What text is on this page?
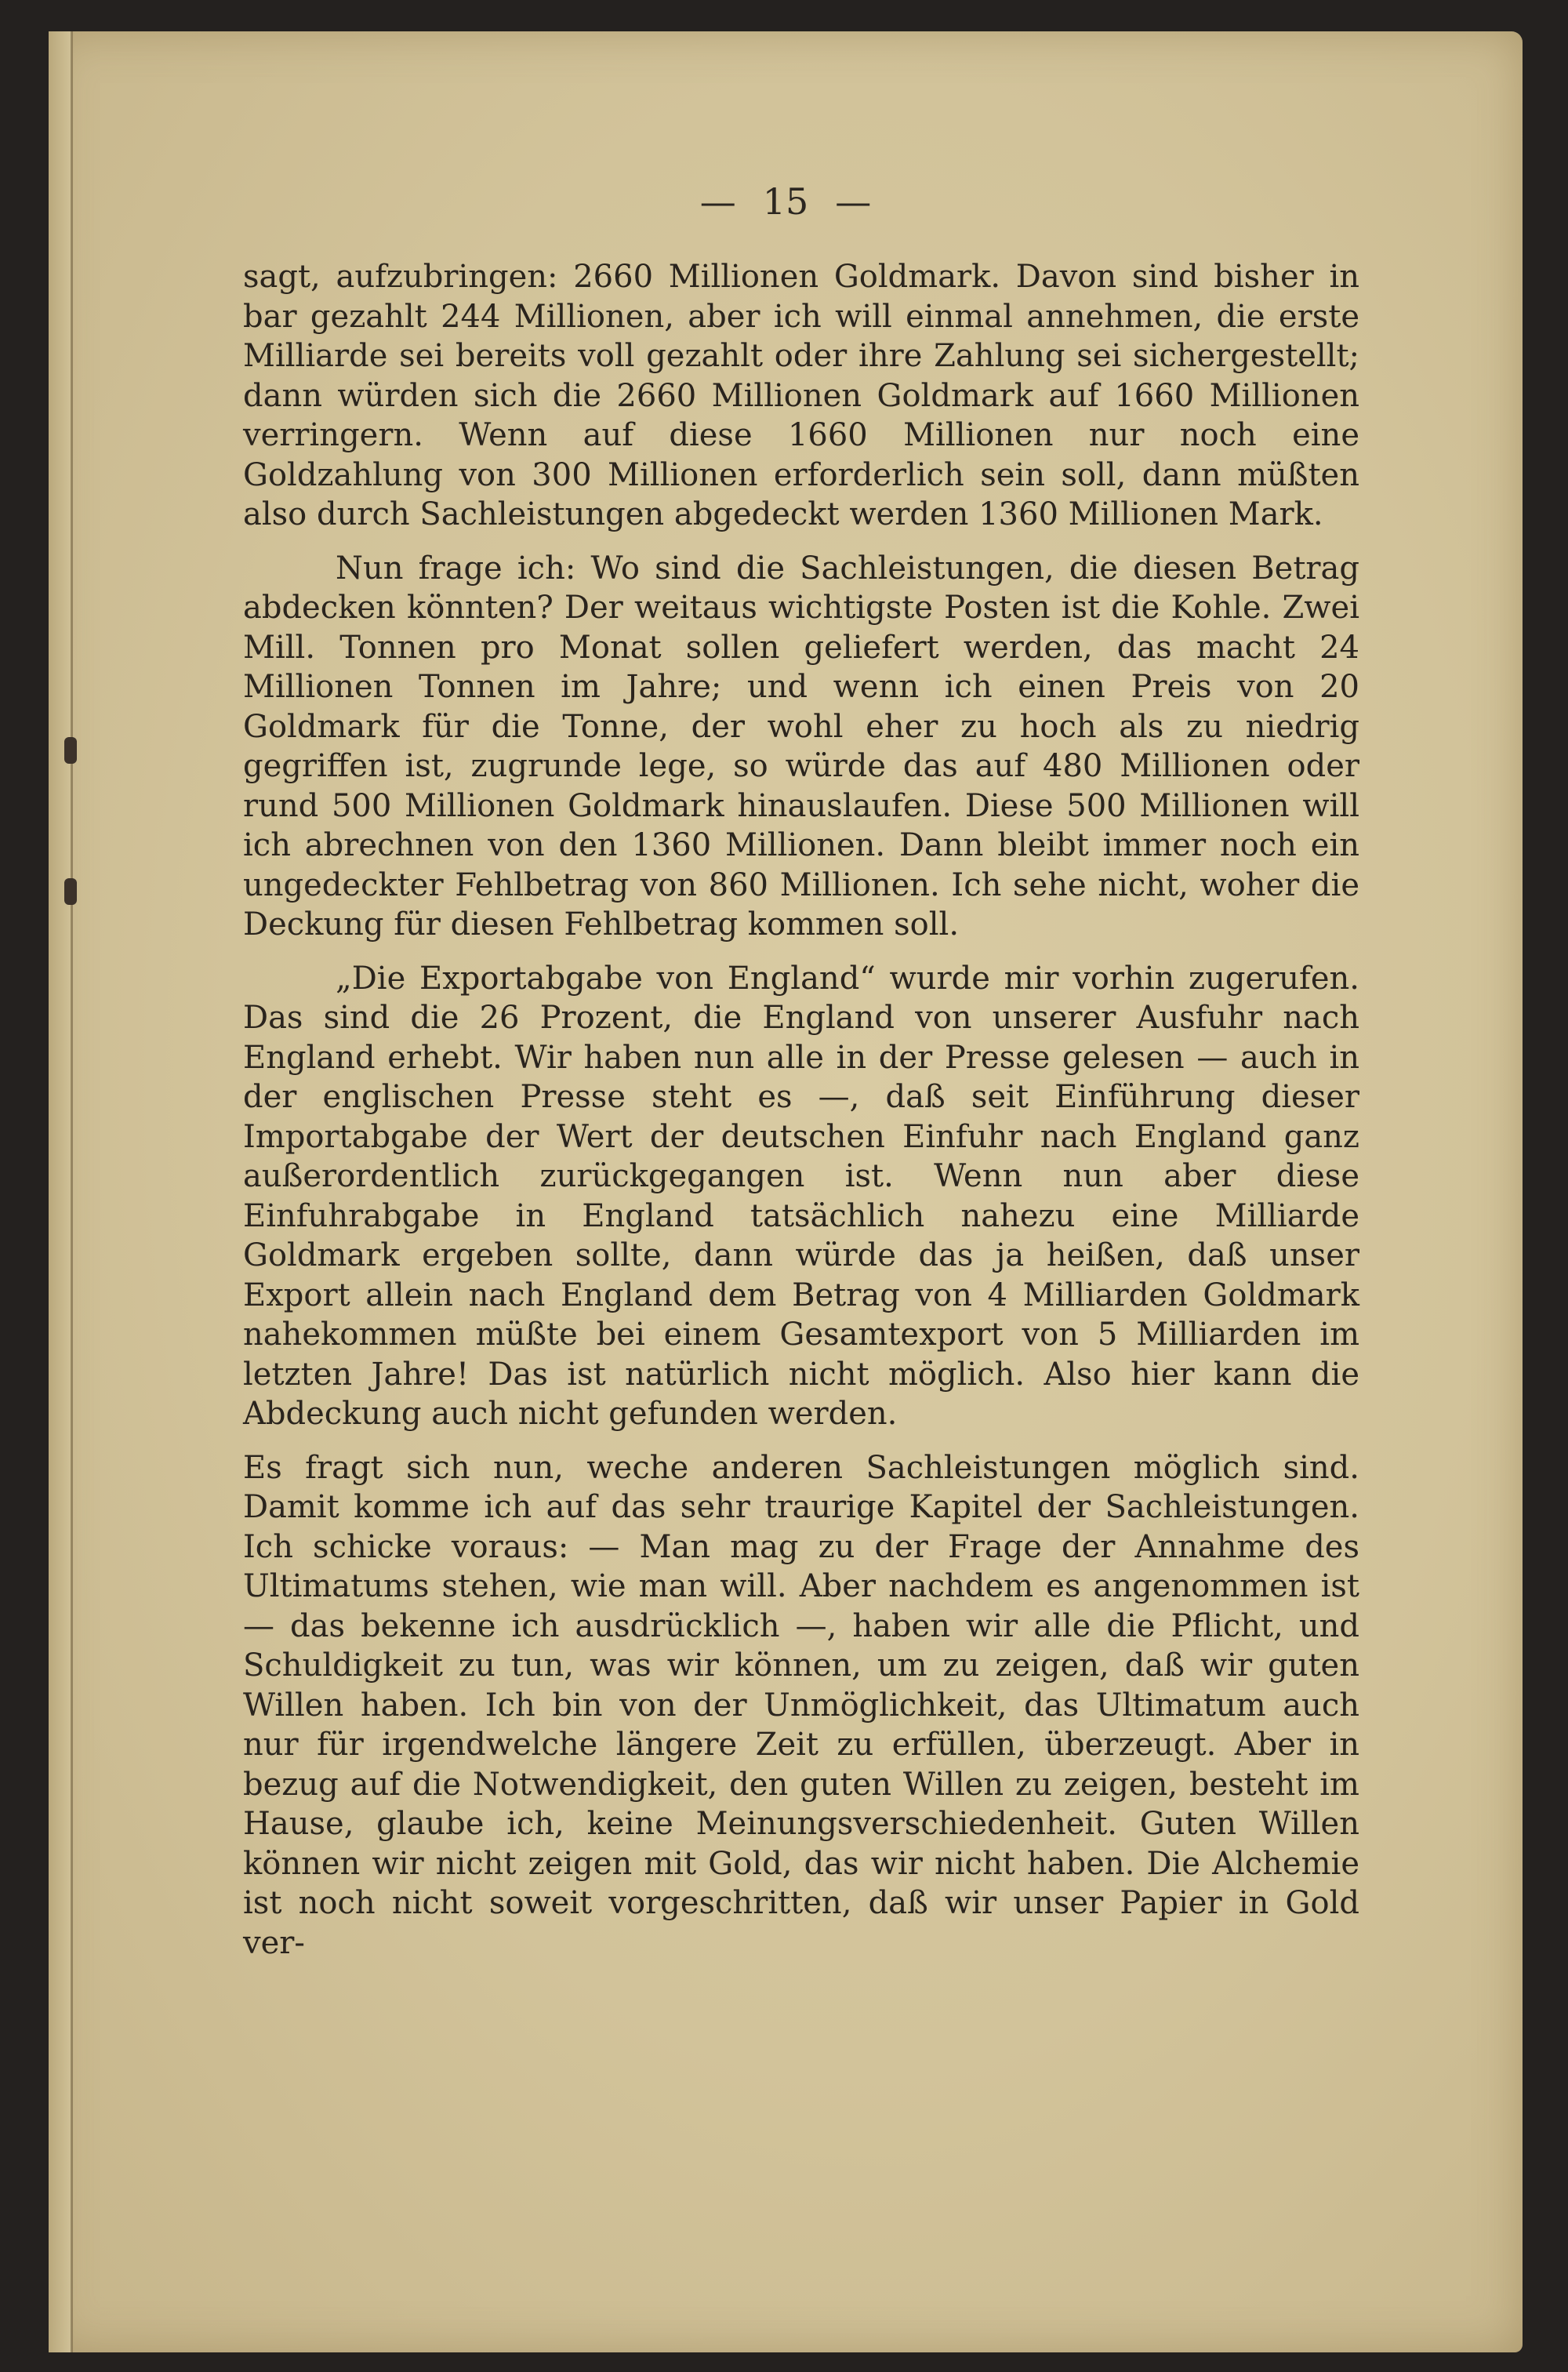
— 15 —

sagt, aufzubringen: 2660 Millionen Goldmark. Davon sind bisher in bar gezahlt 244 Millionen, aber ich will einmal annehmen, die erste Milliarde sei bereits voll gezahlt oder ihre Zahlung sei sichergestellt; dann würden sich die 2660 Millionen Goldmark auf 1660 Millionen verringern. Wenn auf diese 1660 Millionen nur noch eine Goldzahlung von 300 Millionen erforderlich sein soll, dann müßten also durch Sachleistungen abgedeckt werden 1360 Millionen Mark.

Nun frage ich: Wo sind die Sachleistungen, die diesen Betrag abdecken könnten? Der weitaus wichtigste Posten ist die Kohle. Zwei Mill. Tonnen pro Monat sollen geliefert werden, das macht 24 Millionen Tonnen im Jahre; und wenn ich einen Preis von 20 Goldmark für die Tonne, der wohl eher zu hoch als zu niedrig gegriffen ist, zugrunde lege, so würde das auf 480 Millionen oder rund 500 Millionen Goldmark hinauslaufen. Diese 500 Millionen will ich abrechnen von den 1360 Millionen. Dann bleibt immer noch ein ungedeckter Fehlbetrag von 860 Millionen. Ich sehe nicht, woher die Deckung für diesen Fehlbetrag kommen soll.

„Die Exportabgabe von England“ wurde mir vorhin zugerufen. Das sind die 26 Prozent, die England von unserer Ausfuhr nach England erhebt. Wir haben nun alle in der Presse gelesen — auch in der englischen Presse steht es —, daß seit Einführung dieser Importabgabe der Wert der deutschen Einfuhr nach England ganz außerordentlich zurückgegangen ist. Wenn nun aber diese Einfuhrabgabe in England tatsächlich nahezu eine Milliarde Goldmark ergeben sollte, dann würde das ja heißen, daß unser Export allein nach England dem Betrag von 4 Milliarden Goldmark nahekommen müßte bei einem Gesamtexport von 5 Milliarden im letzten Jahre! Das ist natürlich nicht möglich. Also hier kann die Abdeckung auch nicht gefunden werden.

Es fragt sich nun, weche anderen Sachleistungen möglich sind. Damit komme ich auf das sehr traurige Kapitel der Sachleistungen. Ich schicke voraus: — Man mag zu der Frage der Annahme des Ultimatums stehen, wie man will. Aber nachdem es angenommen ist — das bekenne ich ausdrücklich —, haben wir alle die Pflicht, und Schuldigkeit zu tun, was wir können, um zu zeigen, daß wir guten Willen haben. Ich bin von der Unmöglichkeit, das Ultimatum auch nur für irgendwelche längere Zeit zu erfüllen, überzeugt. Aber in bezug auf die Notwendigkeit, den guten Willen zu zeigen, besteht im Hause, glaube ich, keine Meinungsverschiedenheit. Guten Willen können wir nicht zeigen mit Gold, das wir nicht haben. Die Alchemie ist noch nicht soweit vorgeschritten, daß wir unser Papier in Gold ver-
